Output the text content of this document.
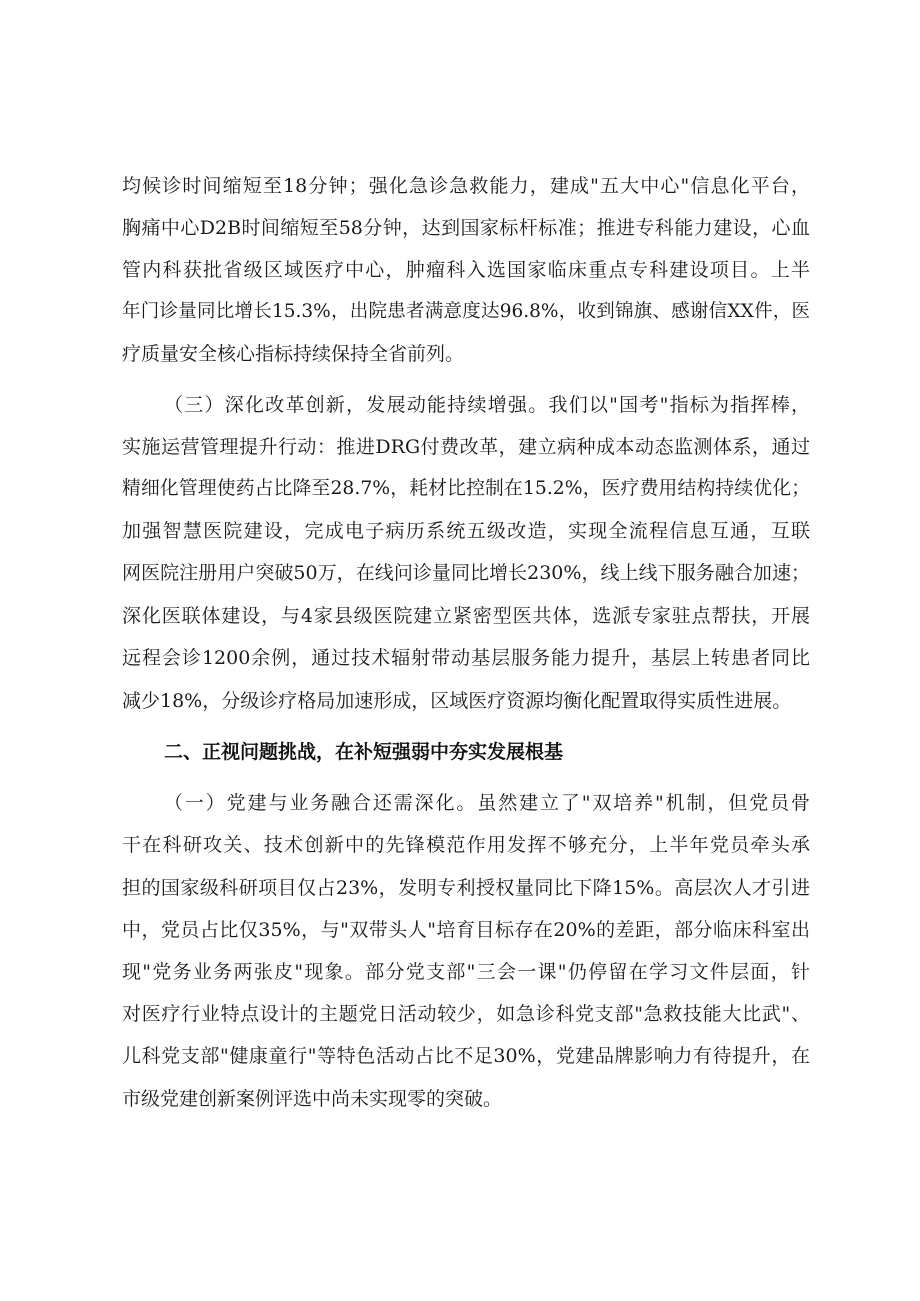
均候诊时间缩短至18分钟；强化急诊急救能力，建成"五大中心"信息化平台，
胸痛中心D2B时间缩短至58分钟，达到国家标杆标准；推进专科能力建设，心血
管内科获批省级区域医疗中心，肿瘤科入选国家临床重点专科建设项目。上半
年门诊量同比增长15.3%，出院患者满意度达96.8%，收到锦旗、感谢信XX件，医
疗质量安全核心指标持续保持全省前列。
（三）深化改革创新，发展动能持续增强。我们以"国考"指标为指挥棒，
实施运营管理提升行动：推进DRG付费改革，建立病种成本动态监测体系，通过
精细化管理使药占比降至28.7%，耗材比控制在15.2%，医疗费用结构持续优化；
加强智慧医院建设，完成电子病历系统五级改造，实现全流程信息互通，互联
网医院注册用户突破50万，在线问诊量同比增长230%，线上线下服务融合加速；
深化医联体建设，与4家县级医院建立紧密型医共体，选派专家驻点帮扶，开展
远程会诊1200余例，通过技术辐射带动基层服务能力提升，基层上转患者同比
减少18%，分级诊疗格局加速形成，区域医疗资源均衡化配置取得实质性进展。
二、正视问题挑战，在补短强弱中夯实发展根基
（一）党建与业务融合还需深化。虽然建立了"双培养"机制，但党员骨
干在科研攻关、技术创新中的先锋模范作用发挥不够充分，上半年党员牵头承
担的国家级科研项目仅占23%，发明专利授权量同比下降15%。高层次人才引进
中，党员占比仅35%，与"双带头人"培育目标存在20%的差距，部分临床科室出
现"党务业务两张皮"现象。部分党支部"三会一课"仍停留在学习文件层面，针
对医疗行业特点设计的主题党日活动较少，如急诊科党支部"急救技能大比武"、
儿科党支部"健康童行"等特色活动占比不足30%，党建品牌影响力有待提升，在
市级党建创新案例评选中尚未实现零的突破。
